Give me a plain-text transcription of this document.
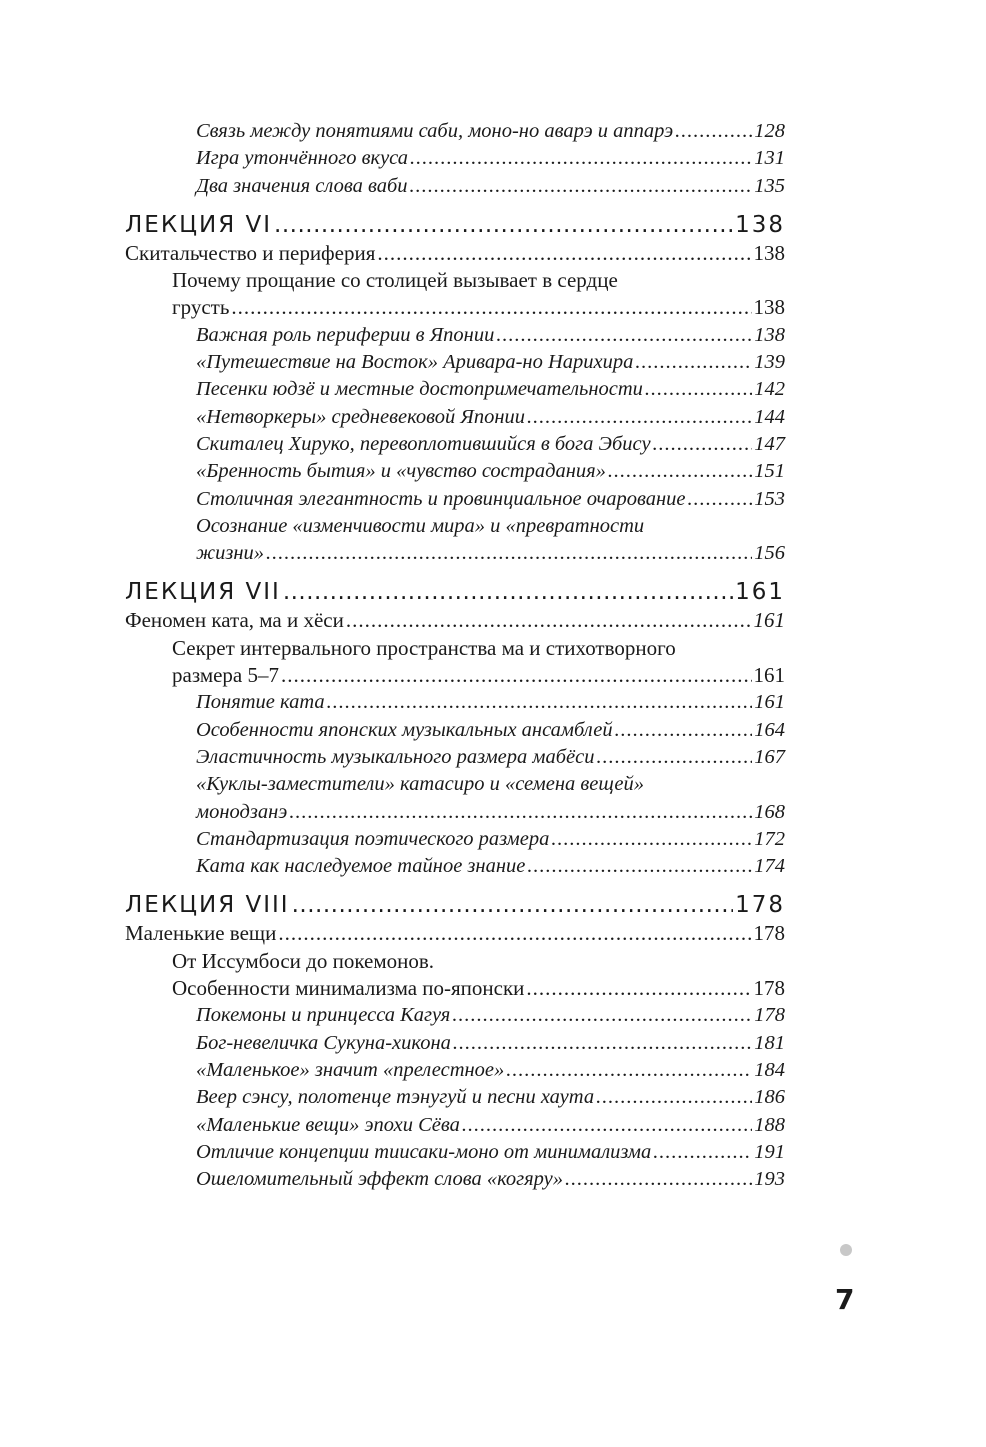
Связь между понятиями саби, моно-но аварэ и аппарэ .....	128
Игра утончённого вкуса .....	131
Два значения слова ваби .....	135
ЛЕКЦИЯ VI .....	138
Скитальчество и периферия .....	138
Почему прощание со столицей вызывает в сердце
грусть .....	138
Важная роль периферии в Японии .....	138
«Путешествие на Восток» Аривара-но Нарихира .....	139
Песенки юдзё и местные достопримечательности .....	142
«Нетворкеры» средневековой Японии .....	144
Скиталец Хируко, перевоплотившийся в бога Эбису .....	147
«Бренность бытия» и «чувство сострадания» .....	151
Столичная элегантность и провинциальное очарование .....	153
Осознание «изменчивости мира» и «превратности
жизни» .....	156
ЛЕКЦИЯ VII .....	161
Феномен ката, ма и хёси .....	161
Секрет интервального пространства ма и стихотворного
размера 5–7 .....	161
Понятие ката .....	161
Особенности японских музыкальных ансамблей .....	164
Эластичность музыкального размера мабёси .....	167
«Куклы-заместители» катасиро и «семена вещей»
монодзанэ .....	168
Стандартизация поэтического размера .....	172
Ката как наследуемое тайное знание .....	174
ЛЕКЦИЯ VIII .....	178
Маленькие вещи .....	178
От Иссумбоси до покемонов.
Особенности минимализма по-японски .....	178
Покемоны и принцесса Кагуя .....	178
Бог-невеличка Сукуна-хикона .....	181
«Маленькое» значит «прелестное» .....	184
Веер сэнсу, полотенце тэнугуй и песни хаута .....	186
«Маленькие вещи» эпохи Сёва .....	188
Отличие концепции тиисаки-моно от минимализма .....	191
Ошеломительный эффект слова «когяру» .....	193
7
